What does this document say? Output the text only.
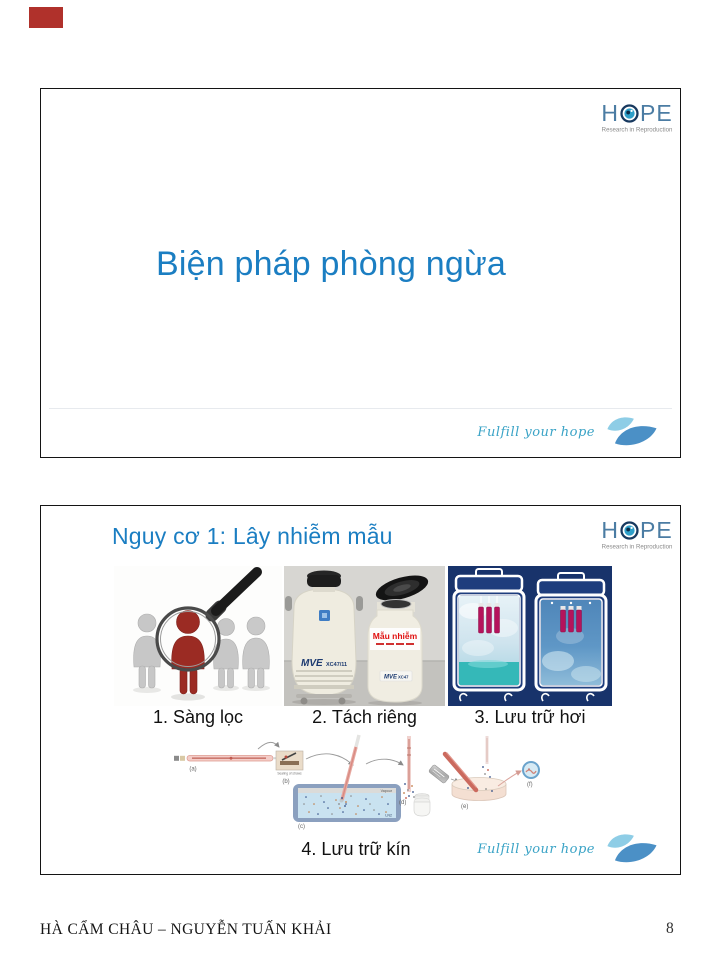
H PE
Research in Reproduction
Biện pháp phòng ngừa
Fulfill your hope
H PE
Research in Reproduction
Nguy cơ 1: Lây nhiễm mẫu
MVE XC47/11
Mẫu nhiễm
MVE XC47
1. Sàng lọc	2. Tách riêng	3. Lưu trữ hơi
(a)
Sealing of straws
(b)
Vapour
LN2
(c)
(d)
(e)
(f)
4. Lưu trữ kín	Fulfill your hope
HÀ CẨM CHÂU – NGUYỄN TUẤN KHẢI	8
